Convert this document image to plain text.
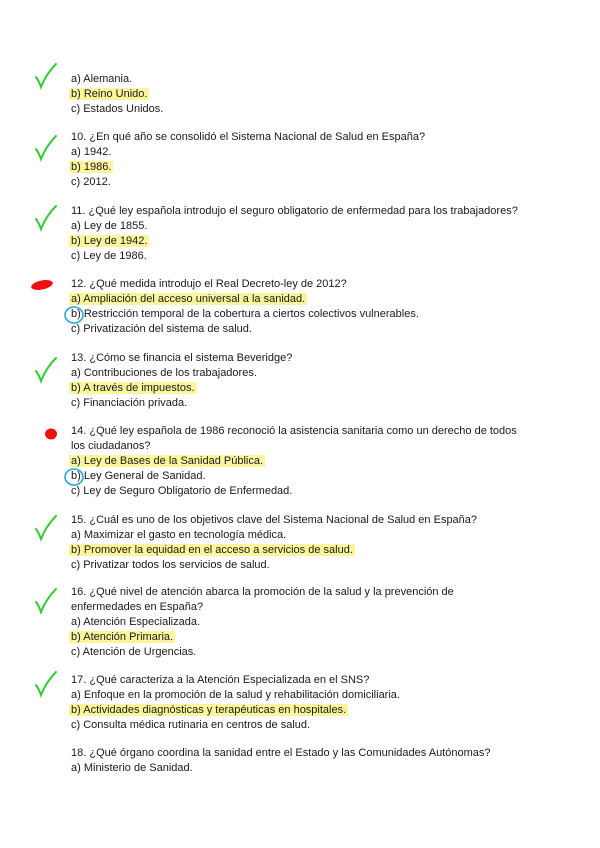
a) Alemania.
b) Reino Unido.
c) Estados Unidos.
10. ¿En qué año se consolidó el Sistema Nacional de Salud en España?
a) 1942.
b) 1986.
c) 2012.
11. ¿Qué ley española introdujo el seguro obligatorio de enfermedad para los trabajadores?
a) Ley de 1855.
b) Ley de 1942.
c) Ley de 1986.
12. ¿Qué medida introdujo el Real Decreto-ley de 2012?
a) Ampliación del acceso universal a la sanidad.
b) Restricción temporal de la cobertura a ciertos colectivos vulnerables.
c) Privatización del sistema de salud.
13. ¿Cómo se financia el sistema Beveridge?
a) Contribuciones de los trabajadores.
b) A través de impuestos.
c) Financiación privada.
14. ¿Qué ley española de 1986 reconoció la asistencia sanitaria como un derecho de todos
los ciudadanos?
a) Ley de Bases de la Sanidad Pública.
b) Ley General de Sanidad.
c) Ley de Seguro Obligatorio de Enfermedad.
15. ¿Cuál es uno de los objetivos clave del Sistema Nacional de Salud en España?
a) Maximizar el gasto en tecnología médica.
b) Promover la equidad en el acceso a servicios de salud.
c) Privatizar todos los servicios de salud.
16. ¿Qué nivel de atención abarca la promoción de la salud y la prevención de
enfermedades en España?
a) Atención Especializada.
b) Atención Primaria.
c) Atención de Urgencias.
17. ¿Qué caracteriza a la Atención Especializada en el SNS?
a) Enfoque en la promoción de la salud y rehabilitación domiciliaria.
b) Actividades diagnósticas y terapéuticas en hospitales.
c) Consulta médica rutinaria en centros de salud.
18. ¿Qué órgano coordina la sanidad entre el Estado y las Comunidades Autónomas?
a) Ministerio de Sanidad.
